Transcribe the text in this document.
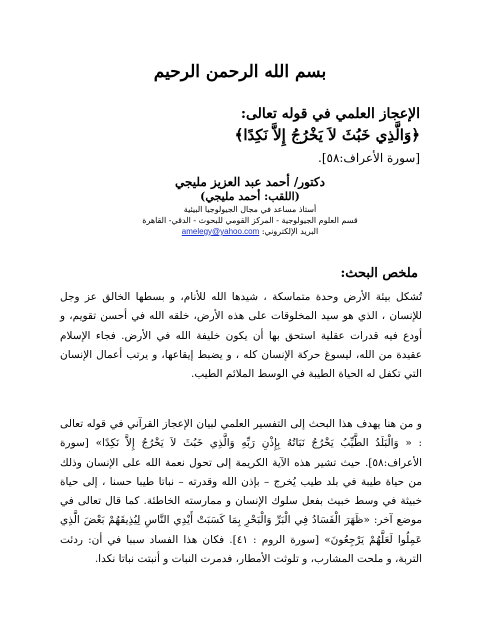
بسم الله الرحمن الرحيم
الإعجاز العلمي في قوله تعالى:
﴿وَالَّذِي خَبُثَ لاَ يَخْرُجُ إِلاَّ نَكِدًا﴾
[سورة الأعراف:٥٨].
دكتور/ أحمد عبد العزيز مليجي
(اللقب: أحمد مليجي)
أستاذ مساعد في مجال الجيولوجيا البيئية
قسم العلوم الجيولوجية - المركز القومي للبحوث - الدقي- القاهرة
البريد الإلكتروني: amelegy@yahoo.com
ملخص البحث:
تُشكل بيئة الأرض وحدة متماسكة ، شيدها الله للأنام، و بسطها الخالق عز وجل للإنسان ، الذي هو سيد المخلوقات على هذه الأرض، خلقه الله في أحسن تقويم، و أودع فيه قدرات عقلية استحق بها أن يكون خليفة الله في الأرض. فجاء الإسلام عقيدة من الله، ليسوغ حركة الإنسان كله ، و يضبط إيقاعها، و يرتب أعمال الإنسان التي تكفل له الحياة الطيبة في الوسط الملائم الطيب.
و من هنا يهدف هذا البحث إلى التفسير العلمي لبيان الإعجاز القرآني في قوله تعالى : « وَالْبَلَدُ الطَّيِّبُ يَخْرُجُ نَبَاتُهُ بِإِذْنِ رَبِّهِ وَالَّذِي خَبُثَ لاَ يَخْرُجُ إِلاَّ نَكِدًا» [سورة الأعراف:٥٨]. حيث تشير هذه الآية الكريمة إلى تحول نعمة الله على الإنسان وذلك من حياة طيبة في بلد طيب يُخرج – بإذن الله وقدرته – نباتا طيبا حسنا ، إلى حياة خبيثة في وسط خبيث بفعل سلوك الإنسان و ممارسته الخاطئة. كما قال تعالى في موضع آخر: «ظَهَرَ الْفَسَادُ فِي الْبَرِّ وَالْبَحْرِ بِمَا كَسَبَتْ أَيْدِي النَّاسِ لِيُذِيقَهُمْ بَعْضَ الَّذِي عَمِلُوا لَعَلَّهُمْ يَرْجِعُونَ» [سورة الروم : ٤١]. فكان هذا الفساد سببا في أن: ردئت التربة، و ملحت المشارب، و تلوثت الأمطار، فدمرت النبات و أنبتت نباتا نكدا.
